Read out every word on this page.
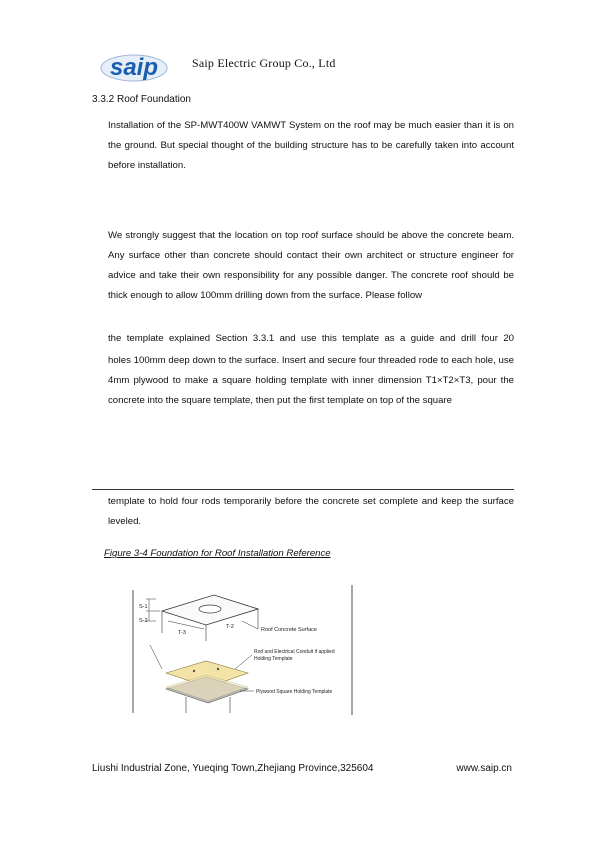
saip	Saip Electric Group Co., Ltd
3.3.2 Roof Foundation
Installation of the SP-MWT400W VAMWT System on the roof may be much easier than it is on the ground. But special thought of the building structure has to be carefully taken into account before installation.
We strongly suggest that the location on top roof surface should be above the concrete beam. Any surface other than concrete should contact their own architect or structure engineer for advice and take their own responsibility for any possible danger. The concrete roof should be thick enough to allow 100mm drilling down from the surface. Please follow
the template explained Section 3.3.1 and use this template as a guide and drill four 20
holes 100mm deep down to the surface. Insert and secure four threaded rode to each hole, use 4mm plywood to make a square holding template with inner dimension T1×T2×T3, pour the concrete into the square template, then put the first template on top of the square
template to hold four rods temporarily before the concrete set complete and keep the surface leveled.
Figure 3-4 Foundation for Roof Installation Reference
S-1
S-2
T-3
T-2	Roof Concrete Surface
Rod and Electrical Conduit if applied
Holding Template
Plywood Square Holding Template
Liushi Industrial Zone, Yueqing Town,Zhejiang Province,325604	www.saip.cn
